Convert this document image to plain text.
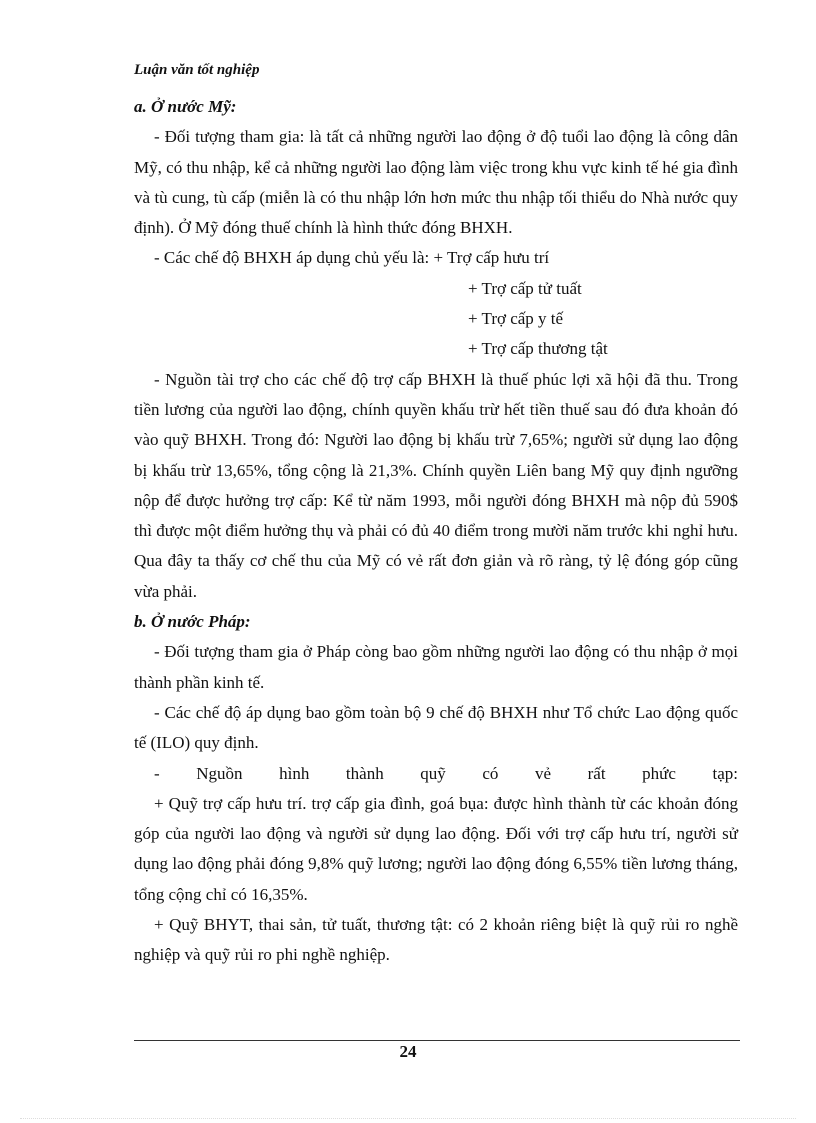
Luận văn tốt nghiệp

a. Ở nước Mỹ:

- Đối tượng tham gia: là tất cả những người lao động ở độ tuổi lao động là công dân Mỹ, có thu nhập, kể cả những người lao động làm việc trong khu vực kinh tế hé gia đình và tù cung, tù cấp (miễn là có thu nhập lớn hơn mức thu nhập tối thiểu do Nhà nước quy định). Ở Mỹ đóng thuế chính là hình thức đóng BHXH.

- Các chế độ BHXH áp dụng chủ yếu là: + Trợ cấp hưu trí

+ Trợ cấp tử tuất

+ Trợ cấp y tế

+ Trợ cấp thương tật

- Nguồn tài trợ cho các chế độ trợ cấp BHXH là thuế phúc lợi xã hội đã thu. Trong tiền lương của người lao động, chính quyền khấu trừ hết tiền thuế sau đó đưa khoản đó vào quỹ BHXH. Trong đó: Người lao động bị khấu trừ 7,65%; người sử dụng lao động bị khấu trừ 13,65%, tổng cộng là 21,3%. Chính quyền Liên bang Mỹ quy định ngưỡng nộp để được hưởng trợ cấp: Kể từ năm 1993, mỗi người đóng BHXH mà nộp đủ 590$ thì được một điểm hưởng thụ và phải có đủ 40 điểm trong mười năm trước khi nghỉ hưu. Qua đây ta thấy cơ chế thu của Mỹ có vẻ rất đơn giản và rõ ràng, tỷ lệ đóng góp cũng vừa phải.

b. Ở nước Pháp:

- Đối tượng tham gia ở Pháp còng bao gồm những người lao động có thu nhập ở mọi thành phần kinh tế.

- Các chế độ áp dụng bao gồm toàn bộ 9 chế độ BHXH như Tổ chức Lao động quốc tế (ILO) quy định.

- Nguồn hình thành quỹ có vẻ rất phức tạp:

+ Quỹ trợ cấp hưu trí. trợ cấp gia đình, goá bụa: được hình thành từ các khoản đóng góp của người lao động và người sử dụng lao động. Đối với trợ cấp hưu trí, người sử dụng lao động phải đóng 9,8% quỹ lương; người lao động đóng 6,55% tiền lương tháng, tổng cộng chỉ có 16,35%.

+ Quỹ BHYT, thai sản, tử tuất, thương tật: có 2 khoản riêng biệt là quỹ rủi ro nghề nghiệp và quỹ rủi ro phi nghề nghiệp.

24
